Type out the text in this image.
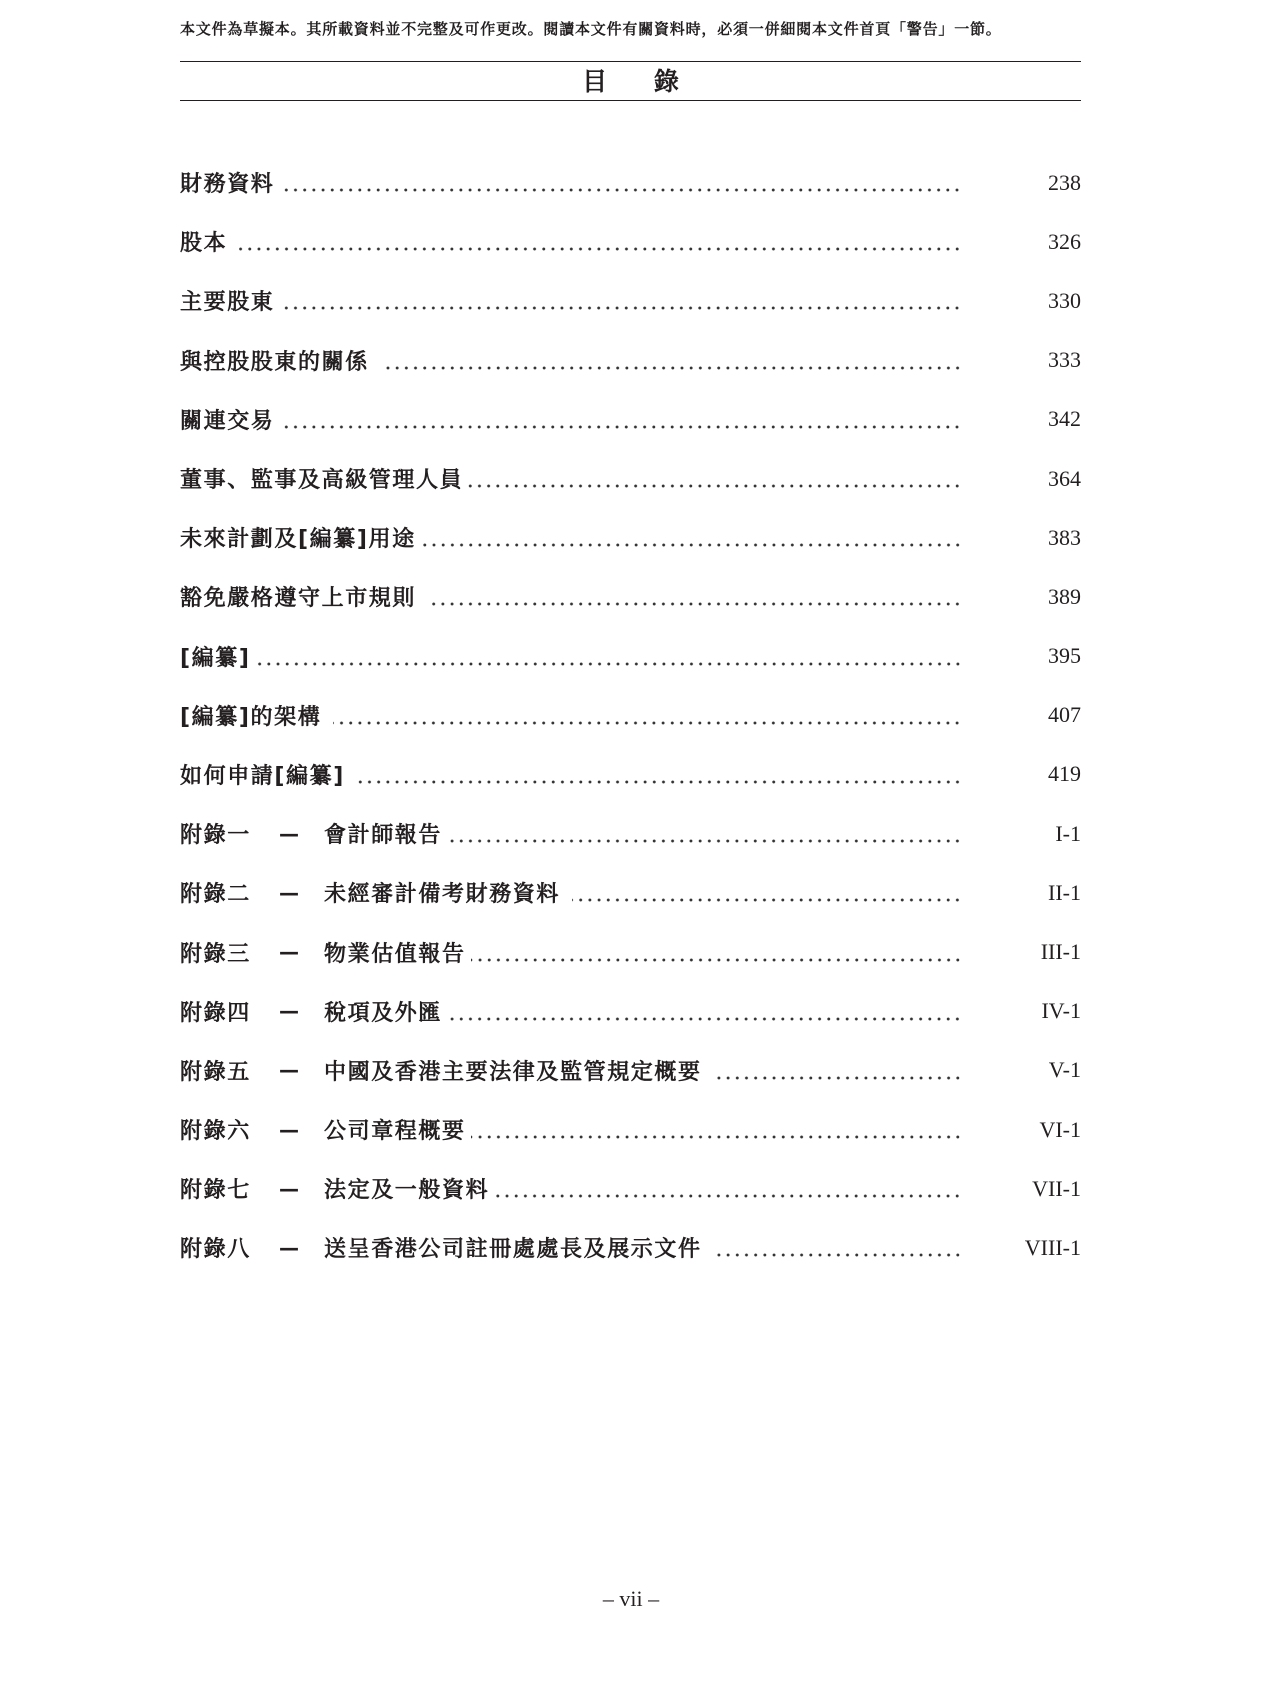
本文件為草擬本。其所載資料並不完整及可作更改。閱讀本文件有關資料時，必須一併細閱本文件首頁「警告」一節。
目 錄
財務資料	238
股本	326
主要股東	330
與控股股東的關係	333
關連交易	342
董事、監事及高級管理人員	364
未來計劃及[編纂]用途	383
豁免嚴格遵守上市規則	389
[編纂]	395
[編纂]的架構	407
如何申請[編纂]	419
附錄一	—	會計師報告	I-1
附錄二	—	未經審計備考財務資料	II-1
附錄三	—	物業估值報告	III-1
附錄四	—	稅項及外匯	IV-1
附錄五	—	中國及香港主要法律及監管規定概要	V-1
附錄六	—	公司章程概要	VI-1
附錄七	—	法定及一般資料	VII-1
附錄八	—	送呈香港公司註冊處處長及展示文件	VIII-1
– vii –
